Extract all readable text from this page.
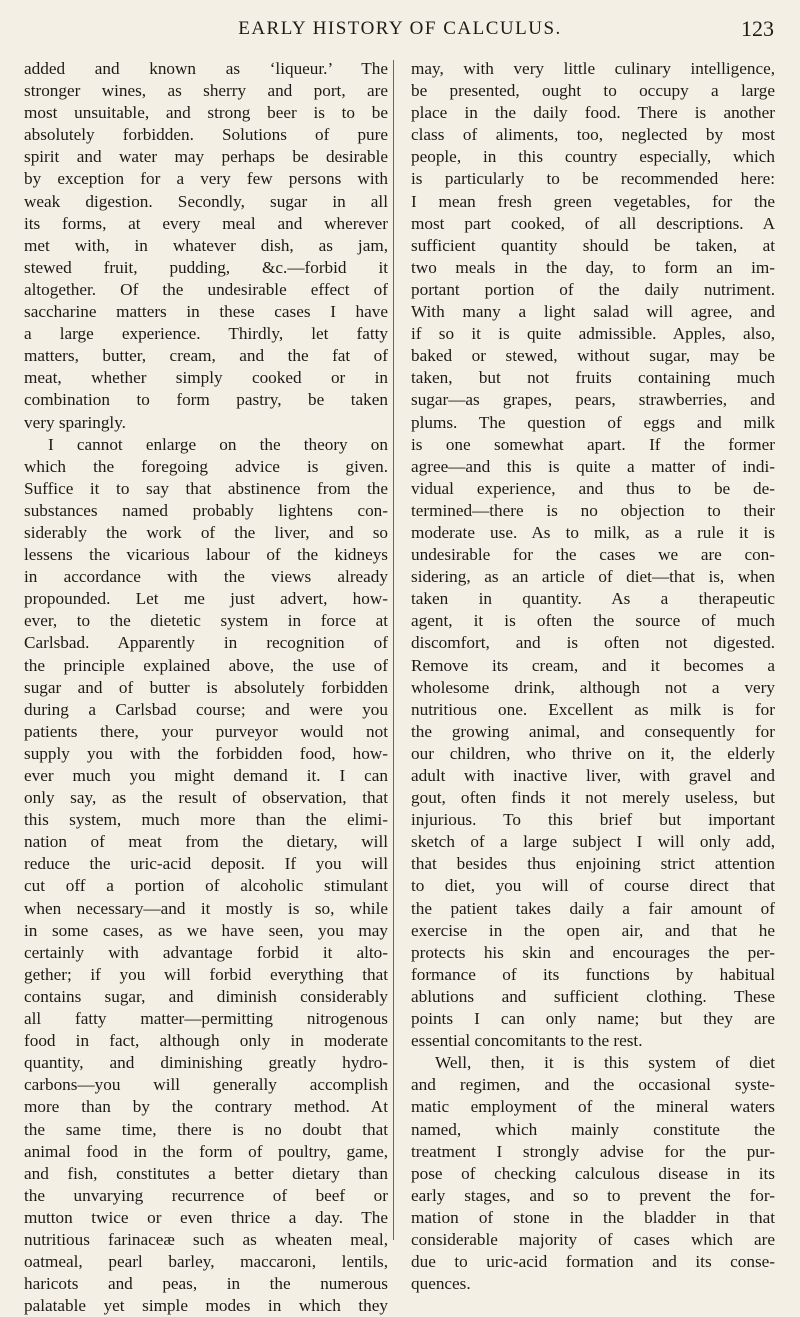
EARLY HISTORY OF CALCULUS.	123
added and known as ‘liqueur.’ The
stronger wines, as sherry and port, are
most unsuitable, and strong beer is to be
absolutely forbidden. Solutions of pure
spirit and water may perhaps be desirable
by exception for a very few persons with
weak digestion. Secondly, sugar in all
its forms, at every meal and wherever
met with, in whatever dish, as jam,
stewed fruit, pudding, &c.—forbid it
altogether. Of the undesirable effect of
saccharine matters in these cases I have
a large experience. Thirdly, let fatty
matters, butter, cream, and the fat of
meat, whether simply cooked or in
combination to form pastry, be taken
very sparingly.
I cannot enlarge on the theory on
which the foregoing advice is given.
Suffice it to say that abstinence from the
substances named probably lightens con-
siderably the work of the liver, and so
lessens the vicarious labour of the kidneys
in accordance with the views already
propounded. Let me just advert, how-
ever, to the dietetic system in force at
Carlsbad. Apparently in recognition of
the principle explained above, the use of
sugar and of butter is absolutely forbidden
during a Carlsbad course; and were you
patients there, your purveyor would not
supply you with the forbidden food, how-
ever much you might demand it. I can
only say, as the result of observation, that
this system, much more than the elimi-
nation of meat from the dietary, will
reduce the uric-acid deposit. If you will
cut off a portion of alcoholic stimulant
when necessary—and it mostly is so, while
in some cases, as we have seen, you may
certainly with advantage forbid it alto-
gether; if you will forbid everything that
contains sugar, and diminish considerably
all fatty matter—permitting nitrogenous
food in fact, although only in moderate
quantity, and diminishing greatly hydro-
carbons—you will generally accomplish
more than by the contrary method. At
the same time, there is no doubt that
animal food in the form of poultry, game,
and fish, constitutes a better dietary than
the unvarying recurrence of beef or
mutton twice or even thrice a day. The
nutritious farinaceæ such as wheaten meal,
oatmeal, pearl barley, maccaroni, lentils,
haricots and peas, in the numerous
palatable yet simple modes in which they
may, with very little culinary intelligence,
be presented, ought to occupy a large
place in the daily food. There is another
class of aliments, too, neglected by most
people, in this country especially, which
is particularly to be recommended here:
I mean fresh green vegetables, for the
most part cooked, of all descriptions. A
sufficient quantity should be taken, at
two meals in the day, to form an im-
portant portion of the daily nutriment.
With many a light salad will agree, and
if so it is quite admissible. Apples, also,
baked or stewed, without sugar, may be
taken, but not fruits containing much
sugar—as grapes, pears, strawberries, and
plums. The question of eggs and milk
is one somewhat apart. If the former
agree—and this is quite a matter of indi-
vidual experience, and thus to be de-
termined—there is no objection to their
moderate use. As to milk, as a rule it is
undesirable for the cases we are con-
sidering, as an article of diet—that is, when
taken in quantity. As a therapeutic
agent, it is often the source of much
discomfort, and is often not digested.
Remove its cream, and it becomes a
wholesome drink, although not a very
nutritious one. Excellent as milk is for
the growing animal, and consequently for
our children, who thrive on it, the elderly
adult with inactive liver, with gravel and
gout, often finds it not merely useless, but
injurious. To this brief but important
sketch of a large subject I will only add,
that besides thus enjoining strict attention
to diet, you will of course direct that
the patient takes daily a fair amount of
exercise in the open air, and that he
protects his skin and encourages the per-
formance of its functions by habitual
ablutions and sufficient clothing. These
points I can only name; but they are
essential concomitants to the rest.
Well, then, it is this system of diet
and regimen, and the occasional syste-
matic employment of the mineral waters
named, which mainly constitute the
treatment I strongly advise for the pur-
pose of checking calculous disease in its
early stages, and so to prevent the for-
mation of stone in the bladder in that
considerable majority of cases which are
due to uric-acid formation and its conse-
quences.
